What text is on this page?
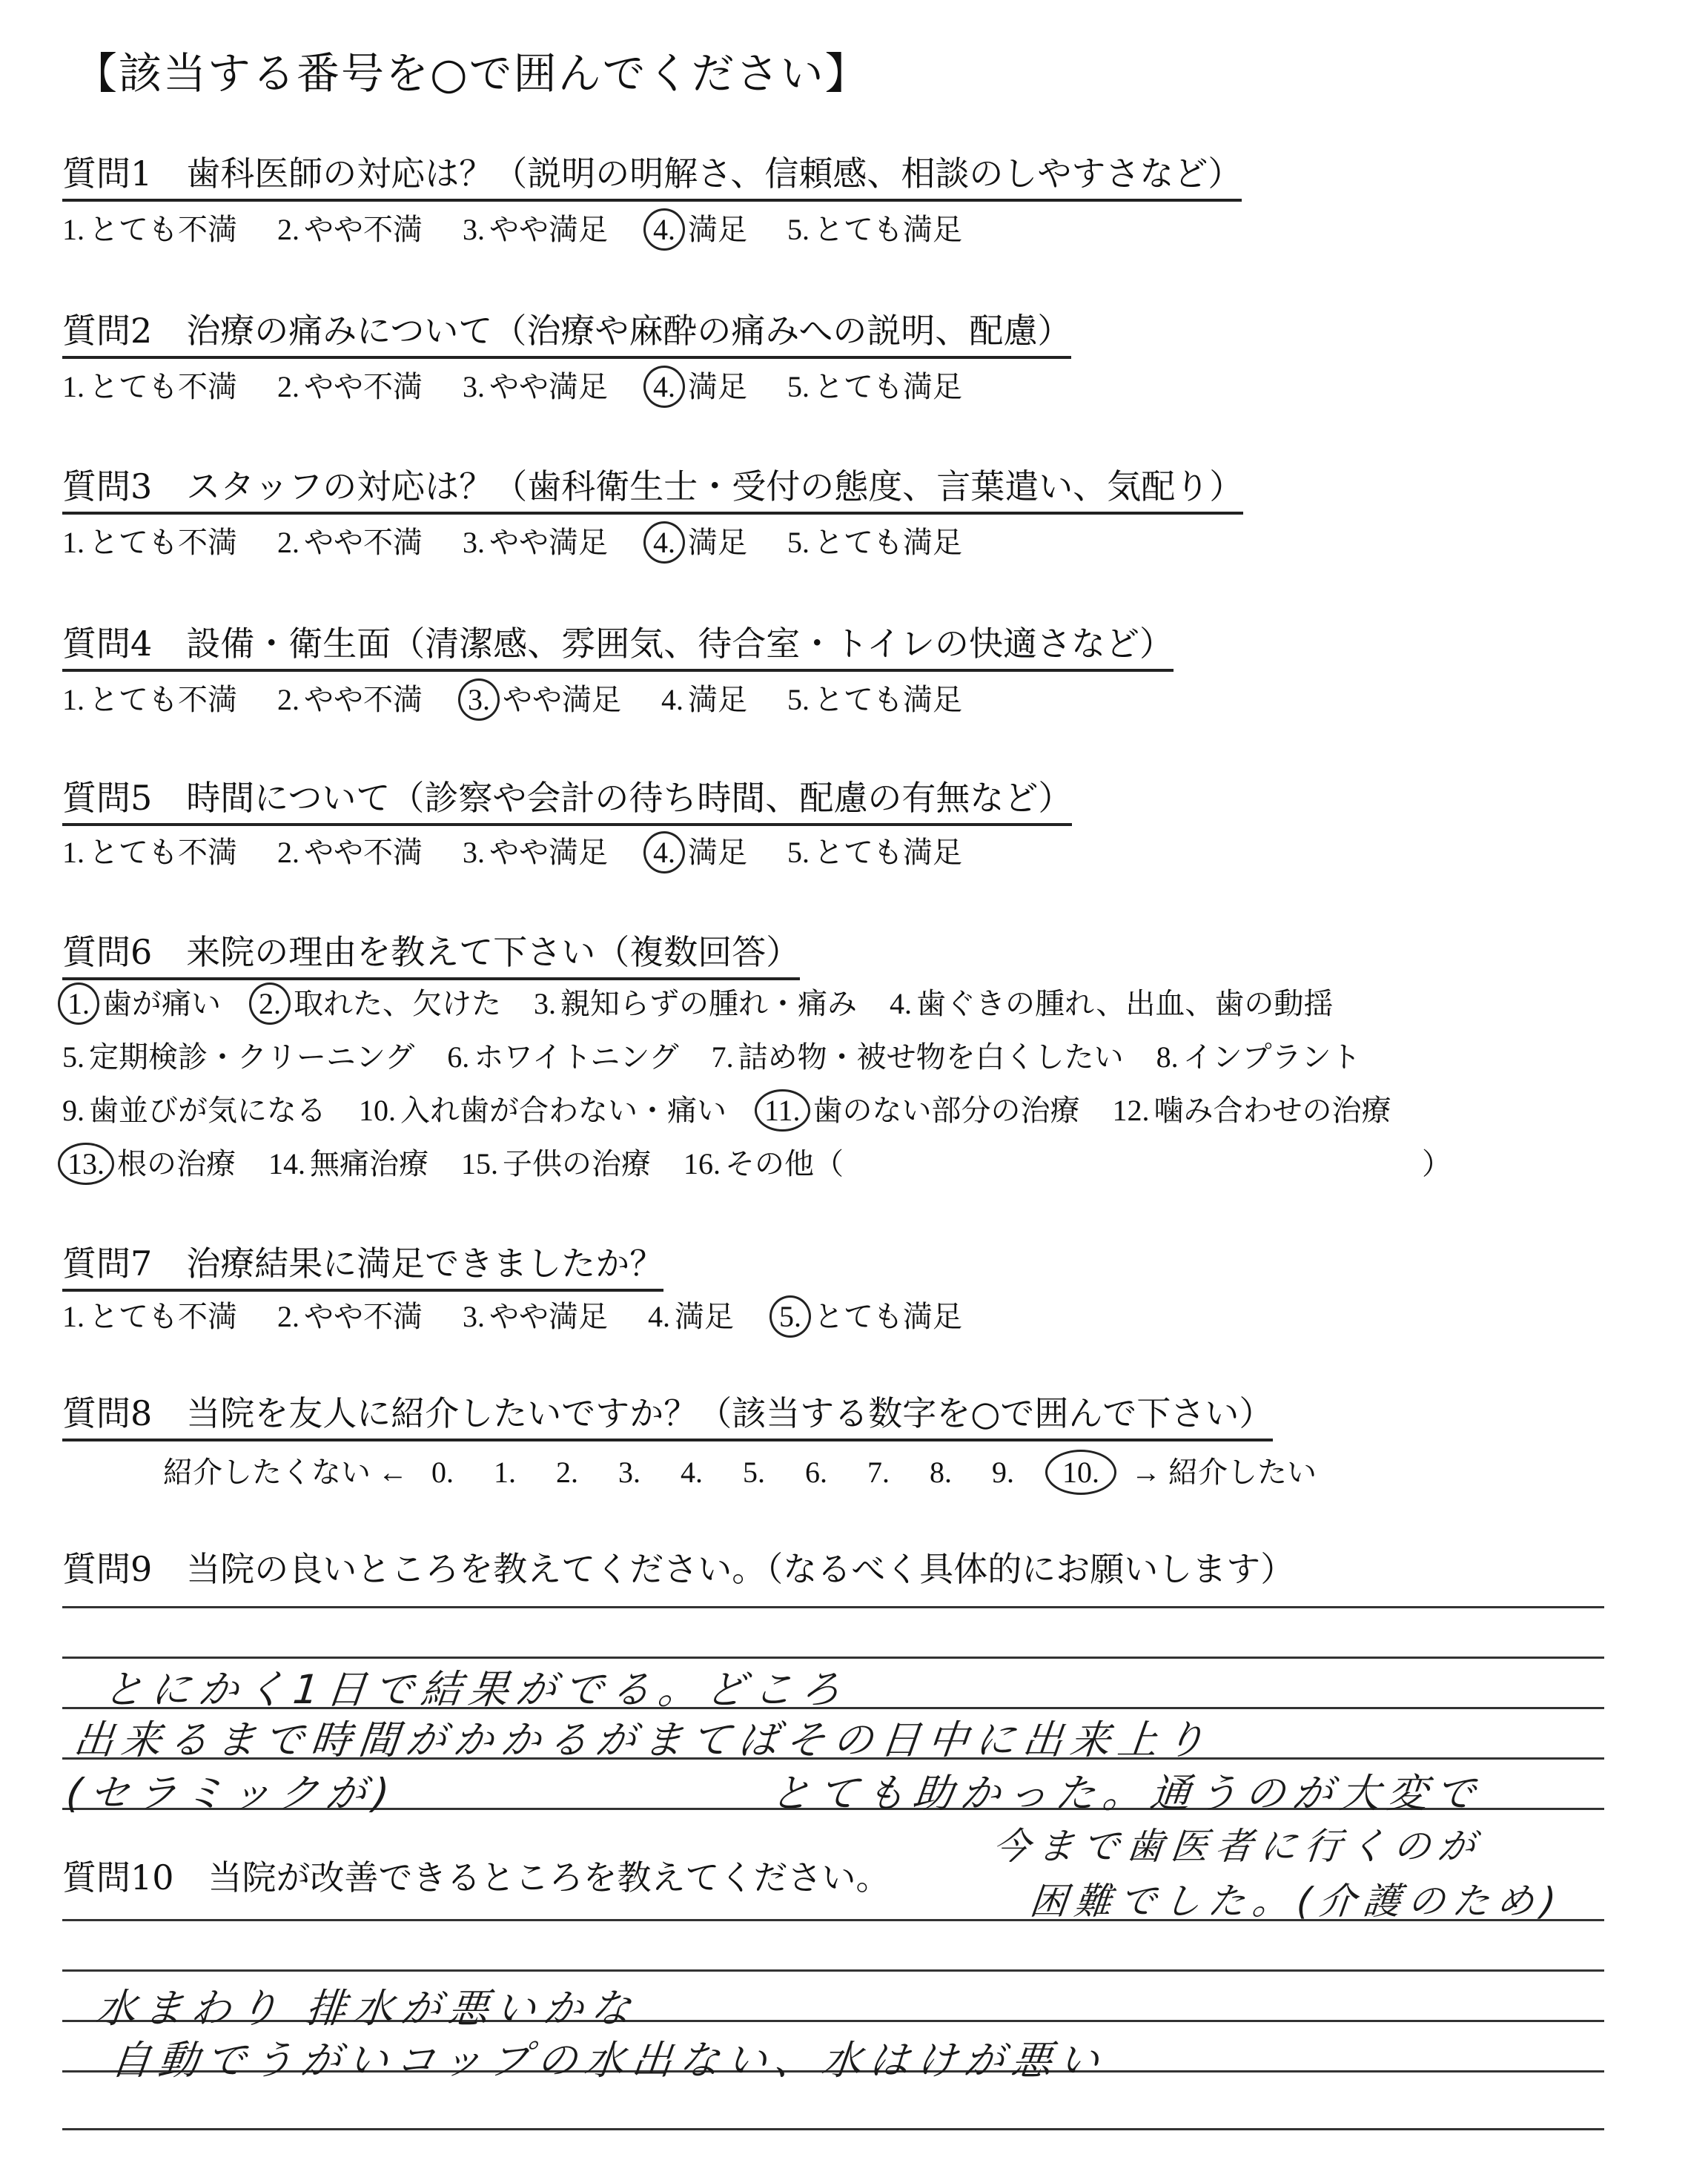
【該当する番号を○で囲んでください】
質問1　歯科医師の対応は？（説明の明解さ、信頼感、相談のしやすさなど）
1. とても不満 2. やや不満 3. やや満足 4. 満足 5. とても満足
質問2　治療の痛みについて（治療や麻酔の痛みへの説明、配慮）
1. とても不満 2. やや不満 3. やや満足 4. 満足 5. とても満足
質問3　スタッフの対応は？（歯科衛生士・受付の態度、言葉遣い、気配り）
1. とても不満 2. やや不満 3. やや満足 4. 満足 5. とても満足
質問4　設備・衛生面（清潔感、雰囲気、待合室・トイレの快適さなど）
1. とても不満 2. やや不満 3. やや満足 4. 満足 5. とても満足
質問5　時間について（診察や会計の待ち時間、配慮の有無など）
1. とても不満 2. やや不満 3. やや満足 4. 満足 5. とても満足
質問6　来院の理由を教えて下さい（複数回答）
1. 歯が痛い 2. 取れた、欠けた 3. 親知らずの腫れ・痛み 4. 歯ぐきの腫れ、出血、歯の動揺
5. 定期検診・クリーニング 6. ホワイトニング 7. 詰め物・被せ物を白くしたい 8. インプラント
9. 歯並びが気になる 10. 入れ歯が合わない・痛い 11. 歯のない部分の治療 12. 噛み合わせの治療
13. 根の治療 14. 無痛治療 15. 子供の治療 16. その他（	）
質問7　治療結果に満足できましたか？
1. とても不満 2. やや不満 3. やや満足 4. 満足 5. とても満足
質問8　当院を友人に紹介したいですか？（該当する数字を○で囲んで下さい）
紹介したくない ← 0. 1. 2. 3. 4. 5. 6. 7. 8. 9. 10. → 紹介したい
質問9　当院の良いところを教えてください。（なるべく具体的にお願いします）
とにかく1日で結果がでる。どころ
出来るまで時間がかかるがまてばその日中に出来上り
(セラミックが)	とても助かった。通うのが大変で
質問10　当院が改善できるところを教えてください。
今まで歯医者に行くのが
困難でした。(介護のため)
水まわり 排水が悪いかな
自動でうがいコップの水出ない、水はけが悪い
